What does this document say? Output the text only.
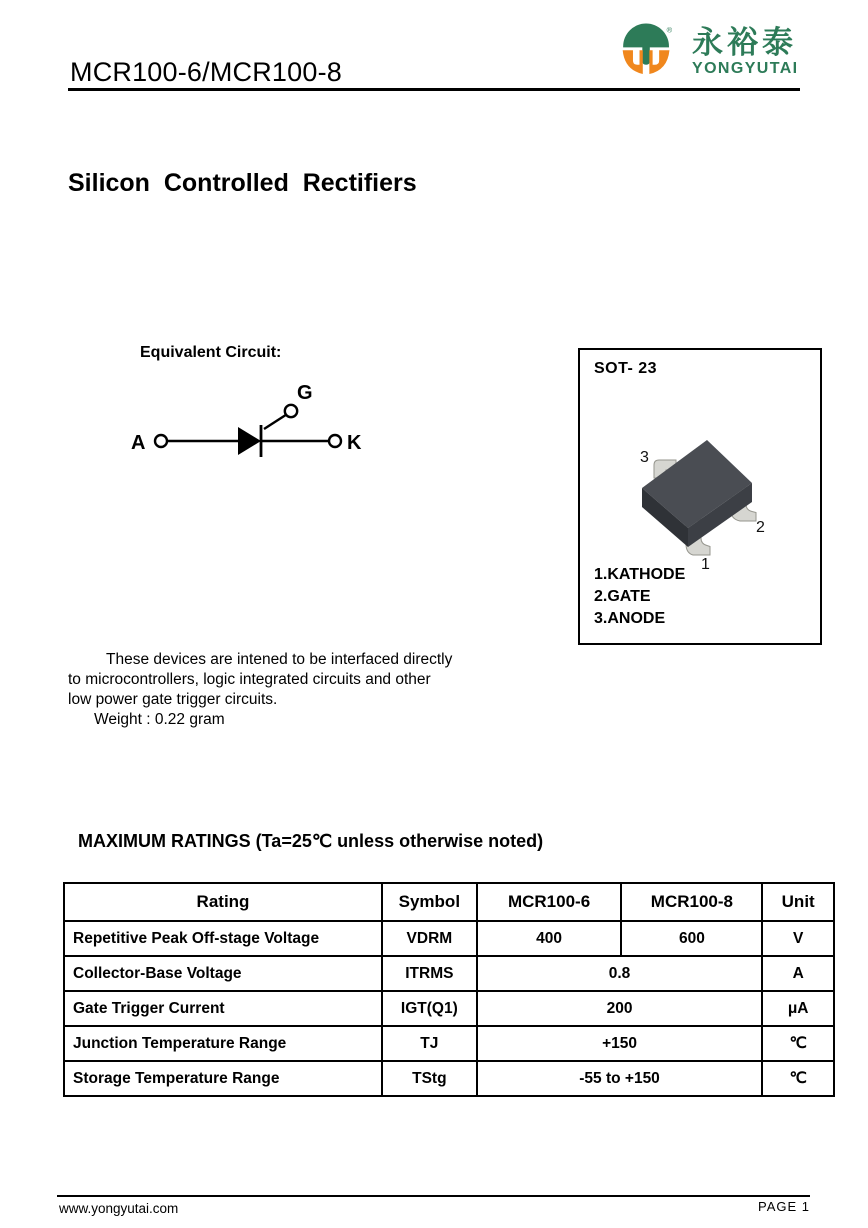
MCR100-6/MCR100-8
® 永裕泰
YONGYUTAI
Silicon  Controlled  Rectifiers
Equivalent Circuit:
A	K
G
SOT- 23
3
2
1
1.KATHODE
2.GATE
3.ANODE
These devices are intened to be interfaced directly
to microcontrollers, logic integrated circuits and other
low power gate trigger circuits.
Weight : 0.22 gram
MAXIMUM RATINGS (Ta=25℃ unless otherwise noted)
Rating	Symbol	MCR100-6	MCR100-8	Unit
Repetitive Peak Off-stage Voltage	VDRM	400	600	V
Collector-Base Voltage	ITRMS	0.8		A
Gate Trigger Current	IGT(Q1)	200		μA
Junction Temperature Range	TJ	+150		℃
Storage Temperature Range	TStg	-55 to +150		℃
www.yongyutai.com	PAGE 1
